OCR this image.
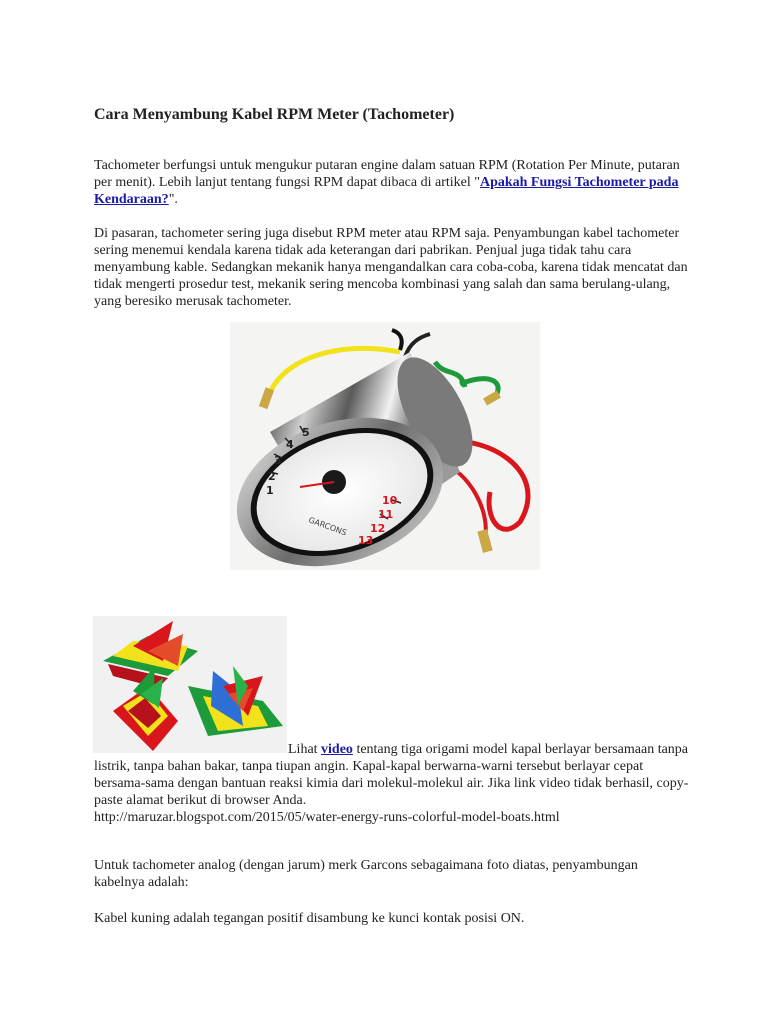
Cara Menyambung Kabel RPM Meter (Tachometer)

Tachometer berfungsi untuk mengukur putaran engine dalam satuan RPM (Rotation Per Minute, putaran per menit). Lebih lanjut tentang fungsi RPM dapat dibaca di artikel "Apakah Fungsi Tachometer pada Kendaraan?".

Di pasaran, tachometer sering juga disebut RPM meter atau RPM saja. Penyambungan kabel tachometer sering menemui kendala karena tidak ada keterangan dari pabrikan. Penjual juga tidak tahu cara menyambung kable. Sedangkan mekanik hanya mengandalkan cara coba-coba, karena tidak mencatat dan tidak mengerti prosedur test, mekanik sering mencoba kombinasi yang salah dan sama berulang-ulang, yang beresiko merusak tachometer.

1
2
3
4
5
10
11
12
13
GARCONS

Lihat video tentang tiga origami model kapal berlayar bersamaan tanpa listrik, tanpa bahan bakar, tanpa tiupan angin. Kapal-kapal berwarna-warni tersebut berlayar cepat bersama-sama dengan bantuan reaksi kimia dari molekul-molekul air. Jika link video tidak berhasil, copy-paste alamat berikut di browser Anda.
http://maruzar.blogspot.com/2015/05/water-energy-runs-colorful-model-boats.html

Untuk tachometer analog (dengan jarum) merk Garcons sebagaimana foto diatas, penyambungan kabelnya adalah:

Kabel kuning adalah tegangan positif disambung ke kunci kontak posisi ON.
